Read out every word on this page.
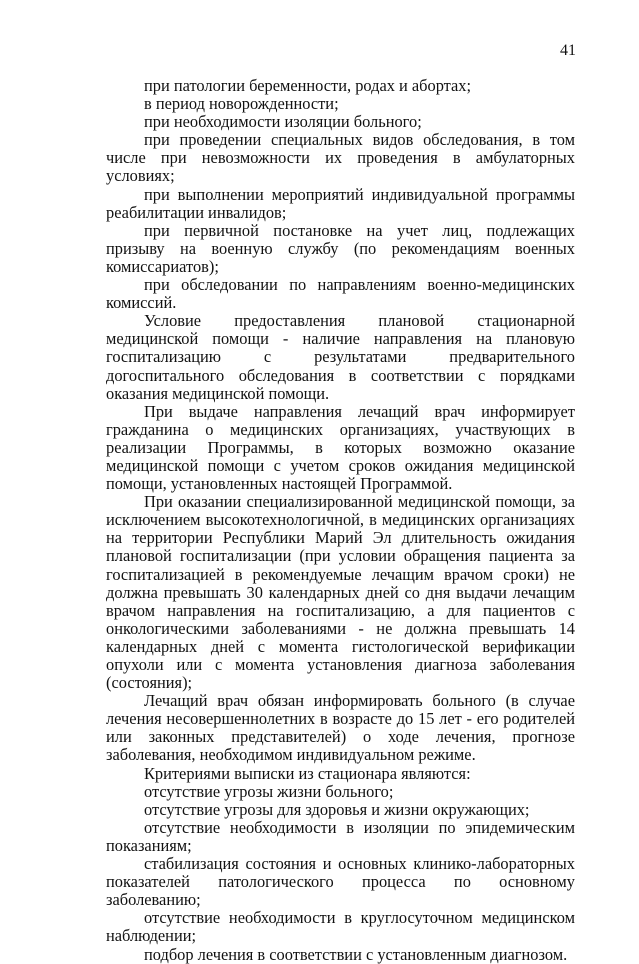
41

при патологии беременности, родах и абортах;

в период новорожденности;

при необходимости изоляции больного;

при проведении специальных видов обследования, в том числе при невозможности их проведения в амбулаторных условиях;

при выполнении мероприятий индивидуальной программы реабилитации инвалидов;

при первичной постановке на учет лиц, подлежащих призыву на военную службу (по рекомендациям военных комиссариатов);

при обследовании по направлениям военно-медицинских комиссий.

Условие предоставления плановой стационарной медицинской помощи - наличие направления на плановую госпитализацию с результатами предварительного догоспитального обследования в соответствии с порядками оказания медицинской помощи.

При выдаче направления лечащий врач информирует гражданина о медицинских организациях, участвующих в реализации Программы, в которых возможно оказание медицинской помощи с учетом сроков ожидания медицинской помощи, установленных настоящей Программой.

При оказании специализированной медицинской помощи, за исключением высокотехнологичной, в медицинских организациях на территории Республики Марий Эл длительность ожидания плановой госпитализации (при условии обращения пациента за госпитализацией в рекомендуемые лечащим врачом сроки) не должна превышать 30 календарных дней со дня выдачи лечащим врачом направления на госпитализацию, а для пациентов с онкологическими заболеваниями - не должна превышать 14 календарных дней с момента гистологической верификации опухоли или с момента установления диагноза заболевания (состояния);

Лечащий врач обязан информировать больного (в случае лечения несовершеннолетних в возрасте до 15 лет - его родителей или законных представителей) о ходе лечения, прогнозе заболевания, необходимом индивидуальном режиме.

Критериями выписки из стационара являются:

отсутствие угрозы жизни больного;

отсутствие угрозы для здоровья и жизни окружающих;

отсутствие необходимости в изоляции по эпидемическим показаниям;

стабилизация состояния и основных клинико-лабораторных показателей патологического процесса по основному заболеванию;

отсутствие необходимости в круглосуточном медицинском наблюдении;

подбор лечения в соответствии с установленным диагнозом.
